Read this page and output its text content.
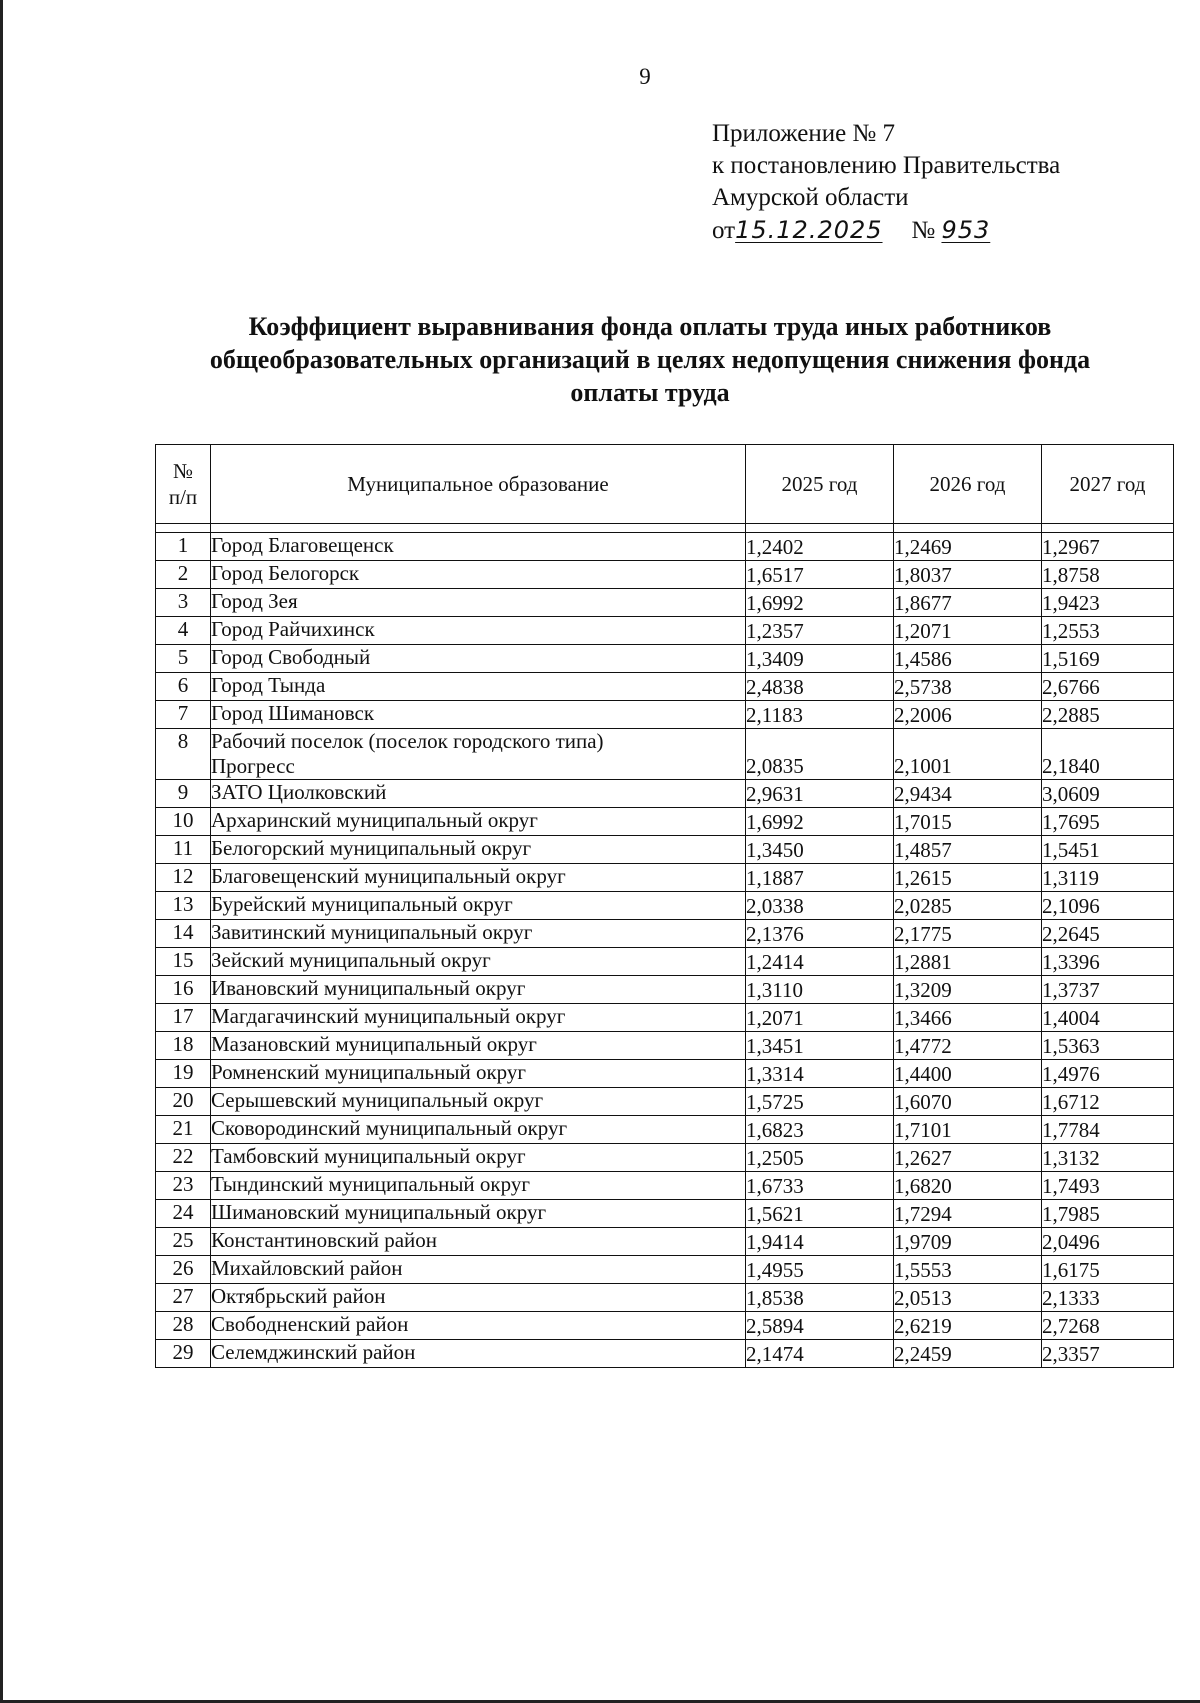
9
Приложение № 7
к постановлению Правительства
Амурской области
от15.12.2025 № 953
Коэффициент выравнивания фонда оплаты труда иных работников
общеобразовательных организаций в целях недопущения снижения фонда
оплаты труда
№
п/п	Муниципальное образование	2025 год	2026 год	2027 год

1	Город Благовещенск	1,2402	1,2469	1,2967
2	Город Белогорск	1,6517	1,8037	1,8758
3	Город Зея	1,6992	1,8677	1,9423
4	Город Райчихинск	1,2357	1,2071	1,2553
5	Город Свободный	1,3409	1,4586	1,5169
6	Город Тында	2,4838	2,5738	2,6766
7	Город Шимановск	2,1183	2,2006	2,2885
8	Рабочий поселок (поселок городского типа)
Прогресс	2,0835	2,1001	2,1840
9	ЗАТО Циолковский	2,9631	2,9434	3,0609
10	Архаринский муниципальный округ	1,6992	1,7015	1,7695
11	Белогорский муниципальный округ	1,3450	1,4857	1,5451
12	Благовещенский муниципальный округ	1,1887	1,2615	1,3119
13	Бурейский муниципальный округ	2,0338	2,0285	2,1096
14	Завитинский муниципальный округ	2,1376	2,1775	2,2645
15	Зейский муниципальный округ	1,2414	1,2881	1,3396
16	Ивановский муниципальный округ	1,3110	1,3209	1,3737
17	Магдагачинский муниципальный округ	1,2071	1,3466	1,4004
18	Мазановский муниципальный округ	1,3451	1,4772	1,5363
19	Ромненский муниципальный округ	1,3314	1,4400	1,4976
20	Серышевский муниципальный округ	1,5725	1,6070	1,6712
21	Сковородинский муниципальный округ	1,6823	1,7101	1,7784
22	Тамбовский муниципальный округ	1,2505	1,2627	1,3132
23	Тындинский муниципальный округ	1,6733	1,6820	1,7493
24	Шимановский муниципальный округ	1,5621	1,7294	1,7985
25	Константиновский район	1,9414	1,9709	2,0496
26	Михайловский район	1,4955	1,5553	1,6175
27	Октябрьский район	1,8538	2,0513	2,1333
28	Свободненский район	2,5894	2,6219	2,7268
29	Селемджинский район	2,1474	2,2459	2,3357
